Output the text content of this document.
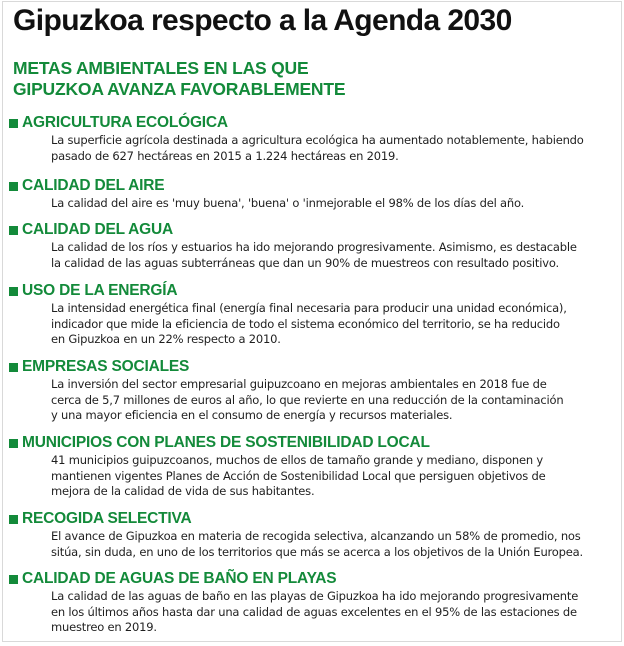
Gipuzkoa respecto a la Agenda 2030
METAS AMBIENTALES EN LAS QUE
GIPUZKOA AVANZA FAVORABLEMENTE
AGRICULTURA ECOLÓGICA
La superficie agrícola destinada a agricultura ecológica ha aumentado notablemente, habiendo
pasado de 627 hectáreas en 2015 a 1.224 hectáreas en 2019.
CALIDAD DEL AIRE
La calidad del aire es 'muy buena', 'buena' o 'inmejorable el 98% de los días del año.
CALIDAD DEL AGUA
La calidad de los ríos y estuarios ha ido mejorando progresivamente. Asimismo, es destacable
la calidad de las aguas subterráneas que dan un 90% de muestreos con resultado positivo.
USO DE LA ENERGÍA
La intensidad energética final (energía final necesaria para producir una unidad económica),
indicador que mide la eficiencia de todo el sistema económico del territorio, se ha reducido
en Gipuzkoa en un 22% respecto a 2010.
EMPRESAS SOCIALES
La inversión del sector empresarial guipuzcoano en mejoras ambientales en 2018 fue de
cerca de 5,7 millones de euros al año, lo que revierte en una reducción de la contaminación
y una mayor eficiencia en el consumo de energía y recursos materiales.
MUNICIPIOS CON PLANES DE SOSTENIBILIDAD LOCAL
41 municipios guipuzcoanos, muchos de ellos de tamaño grande y mediano, disponen y
mantienen vigentes Planes de Acción de Sostenibilidad Local que persiguen objetivos de
mejora de la calidad de vida de sus habitantes.
RECOGIDA SELECTIVA
El avance de Gipuzkoa en materia de recogida selectiva, alcanzando un 58% de promedio, nos
sitúa, sin duda, en uno de los territorios que más se acerca a los objetivos de la Unión Europea.
CALIDAD DE AGUAS DE BAÑO EN PLAYAS
La calidad de las aguas de baño en las playas de Gipuzkoa ha ido mejorando progresivamente
en los últimos años hasta dar una calidad de aguas excelentes en el 95% de las estaciones de
muestreo en 2019.
